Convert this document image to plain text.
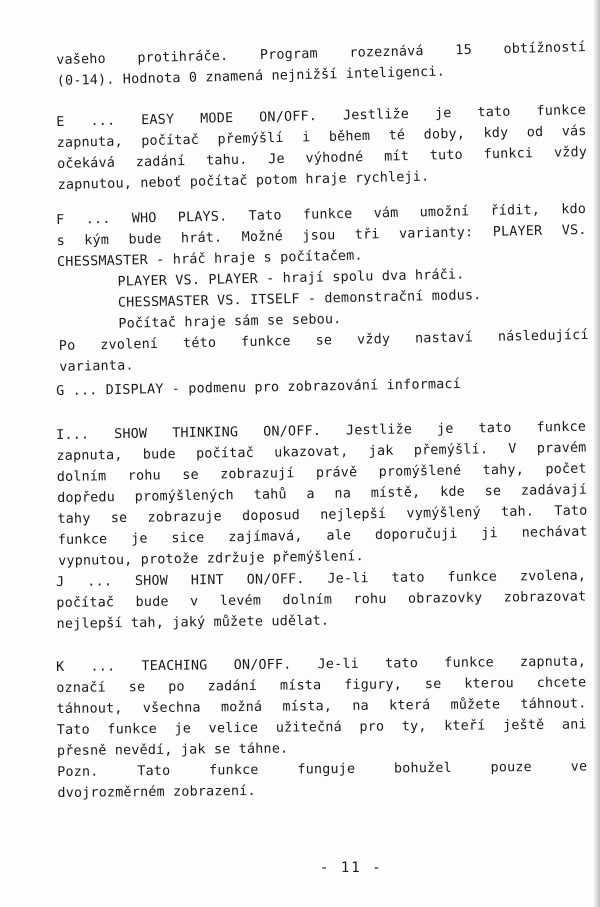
vašeho protihráče. Program rozeznává 15 obtížností
(0-14). Hodnota 0 znamená nejnižší inteligenci.
E ... EASY MODE ON/OFF. Jestliže je tato funkce
zapnuta, počítač přemýšlí i během té doby, kdy od vás
očekává zadání tahu. Je výhodné mít tuto funkci vždy
zapnutou, neboť počítač potom hraje rychleji.
F ... WHO PLAYS. Tato funkce vám umožní řídit, kdo
s kým bude hrát. Možné jsou tři varianty: PLAYER VS.
CHESSMASTER - hráč hraje s počítačem.
PLAYER VS. PLAYER - hrají spolu dva hráči.
CHESSMASTER VS. ITSELF - demonstrační modus.
Počítač hraje sám se sebou.
Po zvolení této funkce se vždy nastaví následující
varianta.
G ... DISPLAY - podmenu pro zobrazování informací
I... SHOW THINKING ON/OFF. Jestliže je tato funkce
zapnuta, bude počítač ukazovat, jak přemýšlí. V pravém
dolním rohu se zobrazují právě promýšlené tahy, počet
dopředu promýšlených tahů a na místě, kde se zadávají
tahy se zobrazuje doposud nejlepší vymýšlený tah. Tato
funkce je sice zajímavá, ale doporučuji ji nechávat
vypnutou, protože zdržuje přemýšlení.
J ... SHOW HINT ON/OFF. Je-li tato funkce zvolena,
počítač bude v levém dolním rohu obrazovky zobrazovat
nejlepší tah, jaký můžete udělat.
K ... TEACHING ON/OFF. Je-li tato funkce zapnuta,
označí se po zadání místa figury, se kterou chcete
táhnout, všechna možná místa, na která můžete táhnout.
Tato funkce je velice užitečná pro ty, kteří ještě ani
přesně nevědí, jak se táhne.
Pozn. Tato funkce funguje bohužel pouze ve
dvojrozměrném zobrazení.
- 11 -
